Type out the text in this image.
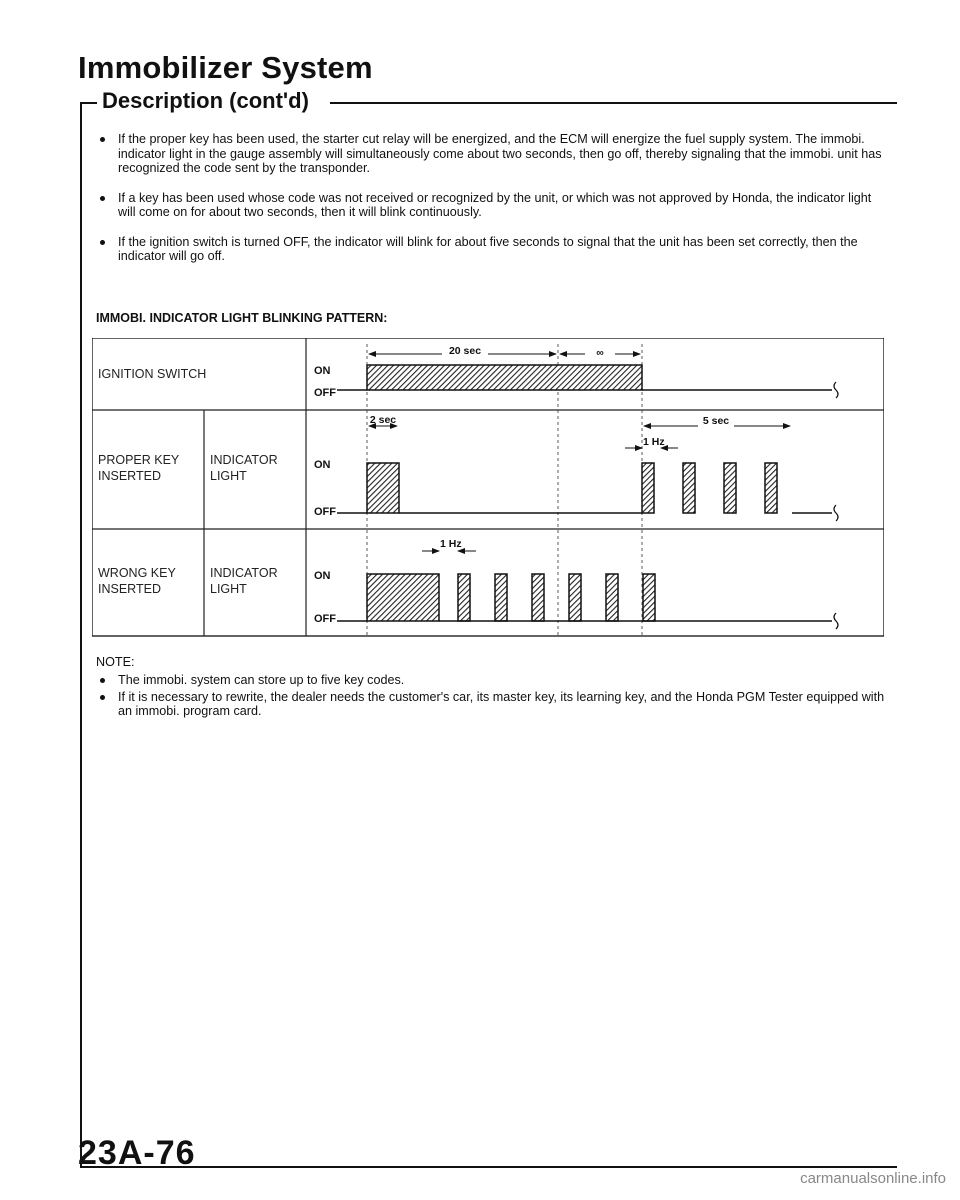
Immobilizer System
Description (cont'd)
If the proper key has been used, the starter cut relay will be energized, and the ECM will energize the fuel supply system. The immobi. indicator light in the gauge assembly will simultaneously come about two seconds, then go off, thereby signaling that the immobi. unit has recognized the code sent by the transponder.
If a key has been used whose code was not received or recognized by the unit, or which was not approved by Honda, the indicator light will come on for about two seconds, then it will blink continuously.
If the ignition switch is turned OFF, the indicator will blink for about five seconds to signal that the unit has been set correctly, then the indicator will go off.

IMMOBI. INDICATOR LIGHT BLINKING PATTERN:

IGNITION SWITCH
PROPER KEY INSERTED
INDICATOR LIGHT
WRONG KEY INSERTED
INDICATOR LIGHT
ON
OFF
ON
OFF
ON
OFF
20 sec	∞
2 sec	5 sec
1 Hz
1 Hz

NOTE:

The immobi. system can store up to five key codes.
If it is necessary to rewrite, the dealer needs the customer's car, its master key, its learning key, and the Honda PGM Tester equipped with an immobi. program card.

23A-76

carmanualsonline.info
